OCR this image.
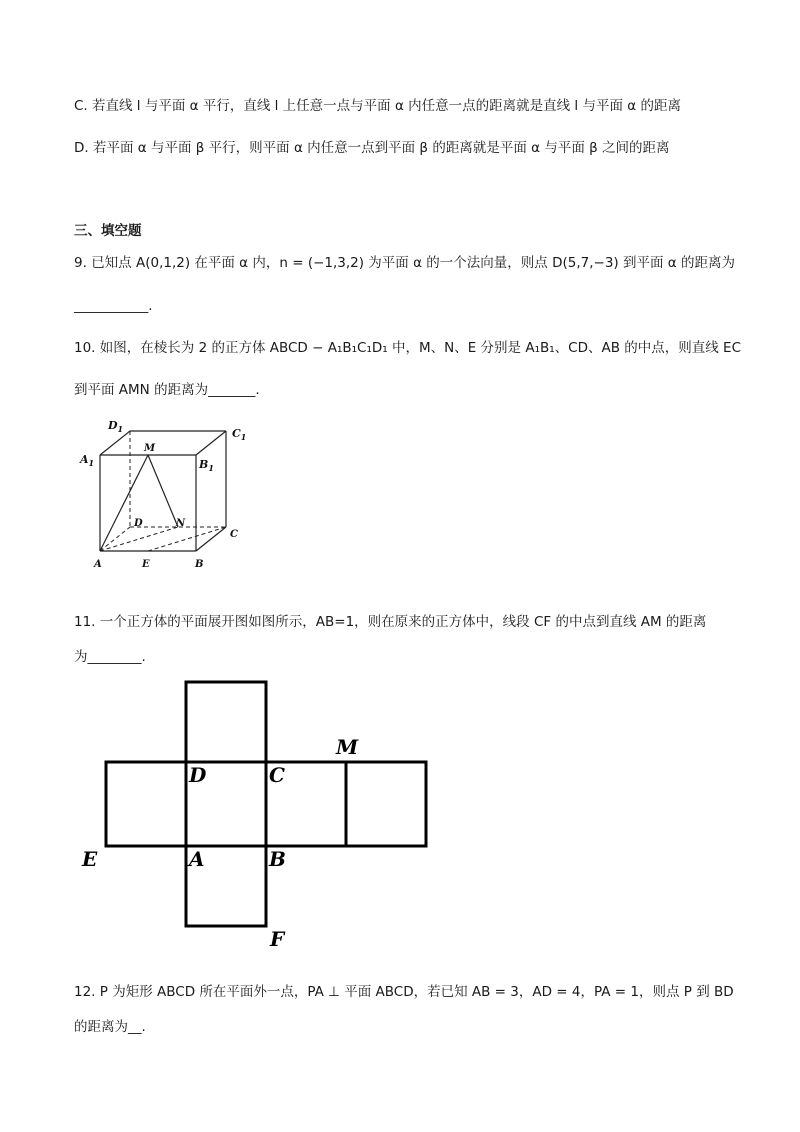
C. 若直线 l 与平面 α 平行，直线 l 上任意一点与平面 α 内任意一点的距离就是直线 l 与平面 α 的距离
D. 若平面 α 与平面 β 平行，则平面 α 内任意一点到平面 β 的距离就是平面 α 与平面 β 之间的距离
三、填空题
9. 已知点 A(0,1,2) 在平面 α 内，n = (−1,3,2) 为平面 α 的一个法向量，则点 D(5,7,−3) 到平面 α 的距离为
___________.
10. 如图，在棱长为 2 的正方体 ABCD − A₁B₁C₁D₁ 中，M、N、E 分别是 A₁B₁、CD、AB 的中点，则直线 EC
到平面 AMN 的距离为_______.
$D_1$	$C_1$
$A_1$	$B_1$
M
D	N
C
A	E	B
11. 一个正方体的平面展开图如图所示，AB=1，则在原来的正方体中，线段 CF 的中点到直线 AM 的距离
为________.
M
D	C
E	A	B
F
12. P 为矩形 ABCD 所在平面外一点，PA ⊥ 平面 ABCD，若已知 AB = 3，AD = 4，PA = 1，则点 P 到 BD
的距离为__.
